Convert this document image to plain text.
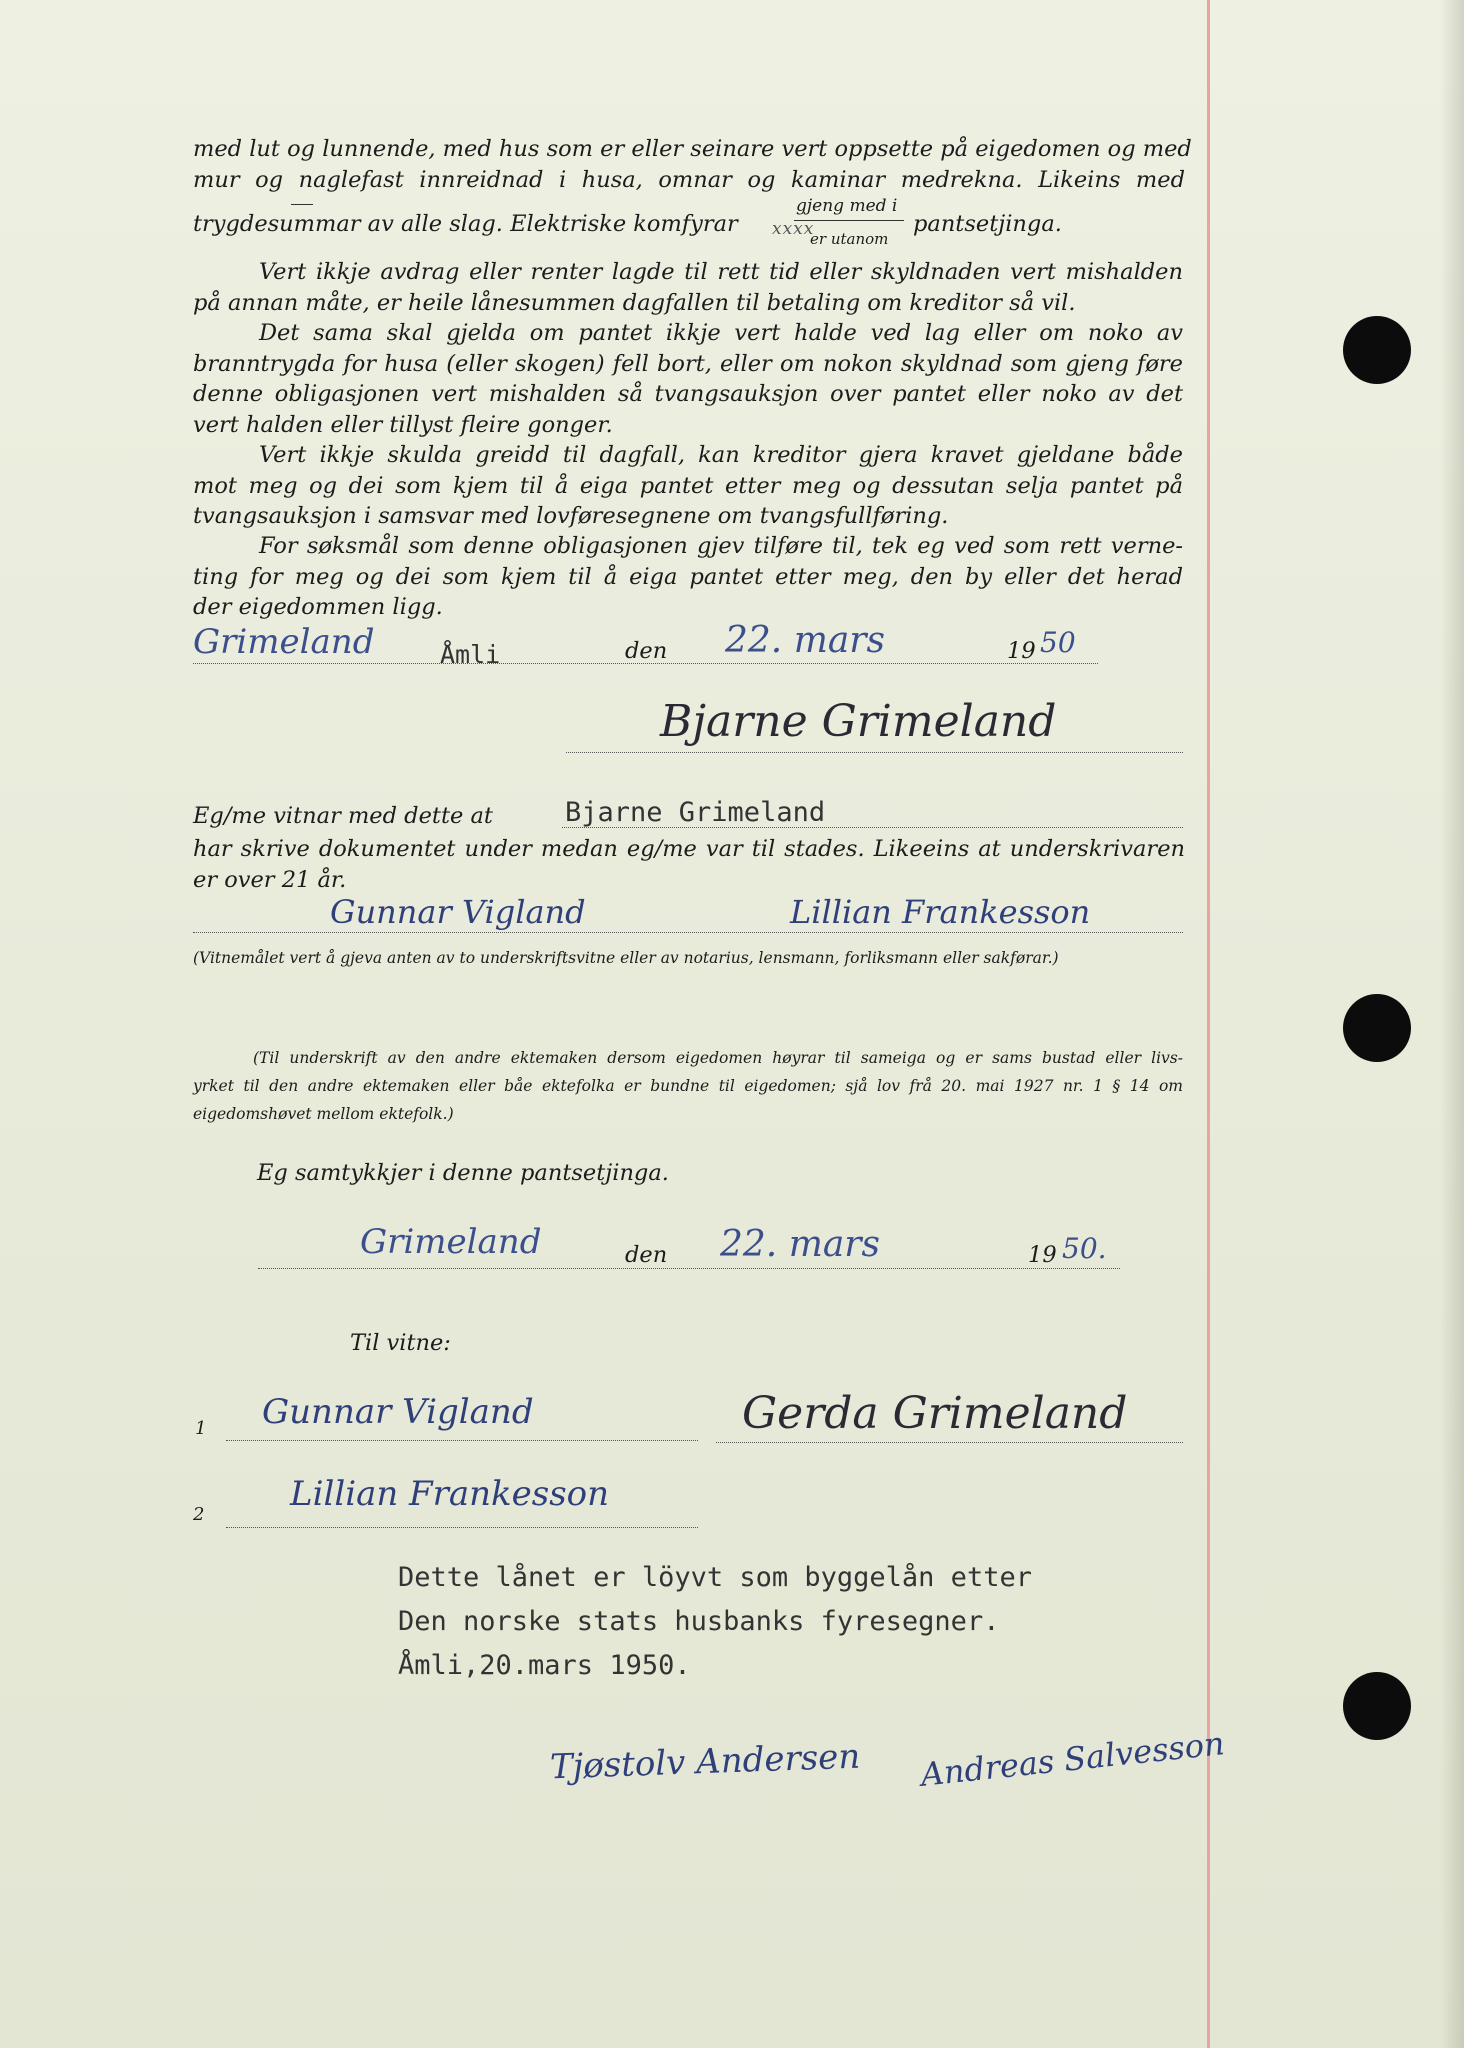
med lut og lunnende, med hus som er eller seinare vert oppsette på eigedomen og med
mur og naglefast innreidnad i husa, omnar og kaminar medrekna. Likeins med
trygdesummar av alle slag. Elektriske komfyrar
gjeng med i
xxxx
er utanom
pantsetjinga.
Vert ikkje avdrag eller renter lagde til rett tid eller skyldnaden vert mishalden
på annan måte, er heile lånesummen dagfallen til betaling om kreditor så vil.
Det sama skal gjelda om pantet ikkje vert halde ved lag eller om noko av
branntrygda for husa (eller skogen) fell bort, eller om nokon skyldnad som gjeng føre
denne obligasjonen vert mishalden så tvangsauksjon over pantet eller noko av det
vert halden eller tillyst fleire gonger.
Vert ikkje skulda greidd til dagfall, kan kreditor gjera kravet gjeldane både
mot meg og dei som kjem til å eiga pantet etter meg og dessutan selja pantet på
tvangsauksjon i samsvar med lovføresegnene om tvangsfullføring.
For søksmål som denne obligasjonen gjev tilføre til, tek eg ved som rett verne-
ting for meg og dei som kjem til å eiga pantet etter meg, den by eller det herad
der eigedommen ligg.
Grimeland	Åmli	den 22. mars	19 50
Bjarne Grimeland
Eg/me vitnar med dette at	Bjarne Grimeland
har skrive dokumentet under medan eg/me var til stades. Likeeins at underskrivaren
er over 21 år.
Gunnar Vigland	Lillian Frankesson
(Vitnemålet vert å gjeva anten av to underskriftsvitne eller av notarius, lensmann, forliksmann eller sakførar.)
(Til underskrift av den andre ektemaken dersom eigedomen høyrar til sameiga og er sams bustad eller livs-
yrket til den andre ektemaken eller båe ektefolka er bundne til eigedomen; sjå lov frå 20. mai 1927 nr. 1 § 14 om
eigedomshøvet mellom ektefolk.)
Eg samtykkjer i denne pantsetjinga.
Grimeland	den 22. mars	19 50.
Til vitne:
1 Gunnar Vigland	Gerda Grimeland
2
Lillian Frankesson
Dette lånet er löyvt som byggelån etter
Den norske stats husbanks fyresegner.
Åmli,20.mars 1950.
Tjøstolv Andersen Andreas Salvesson
